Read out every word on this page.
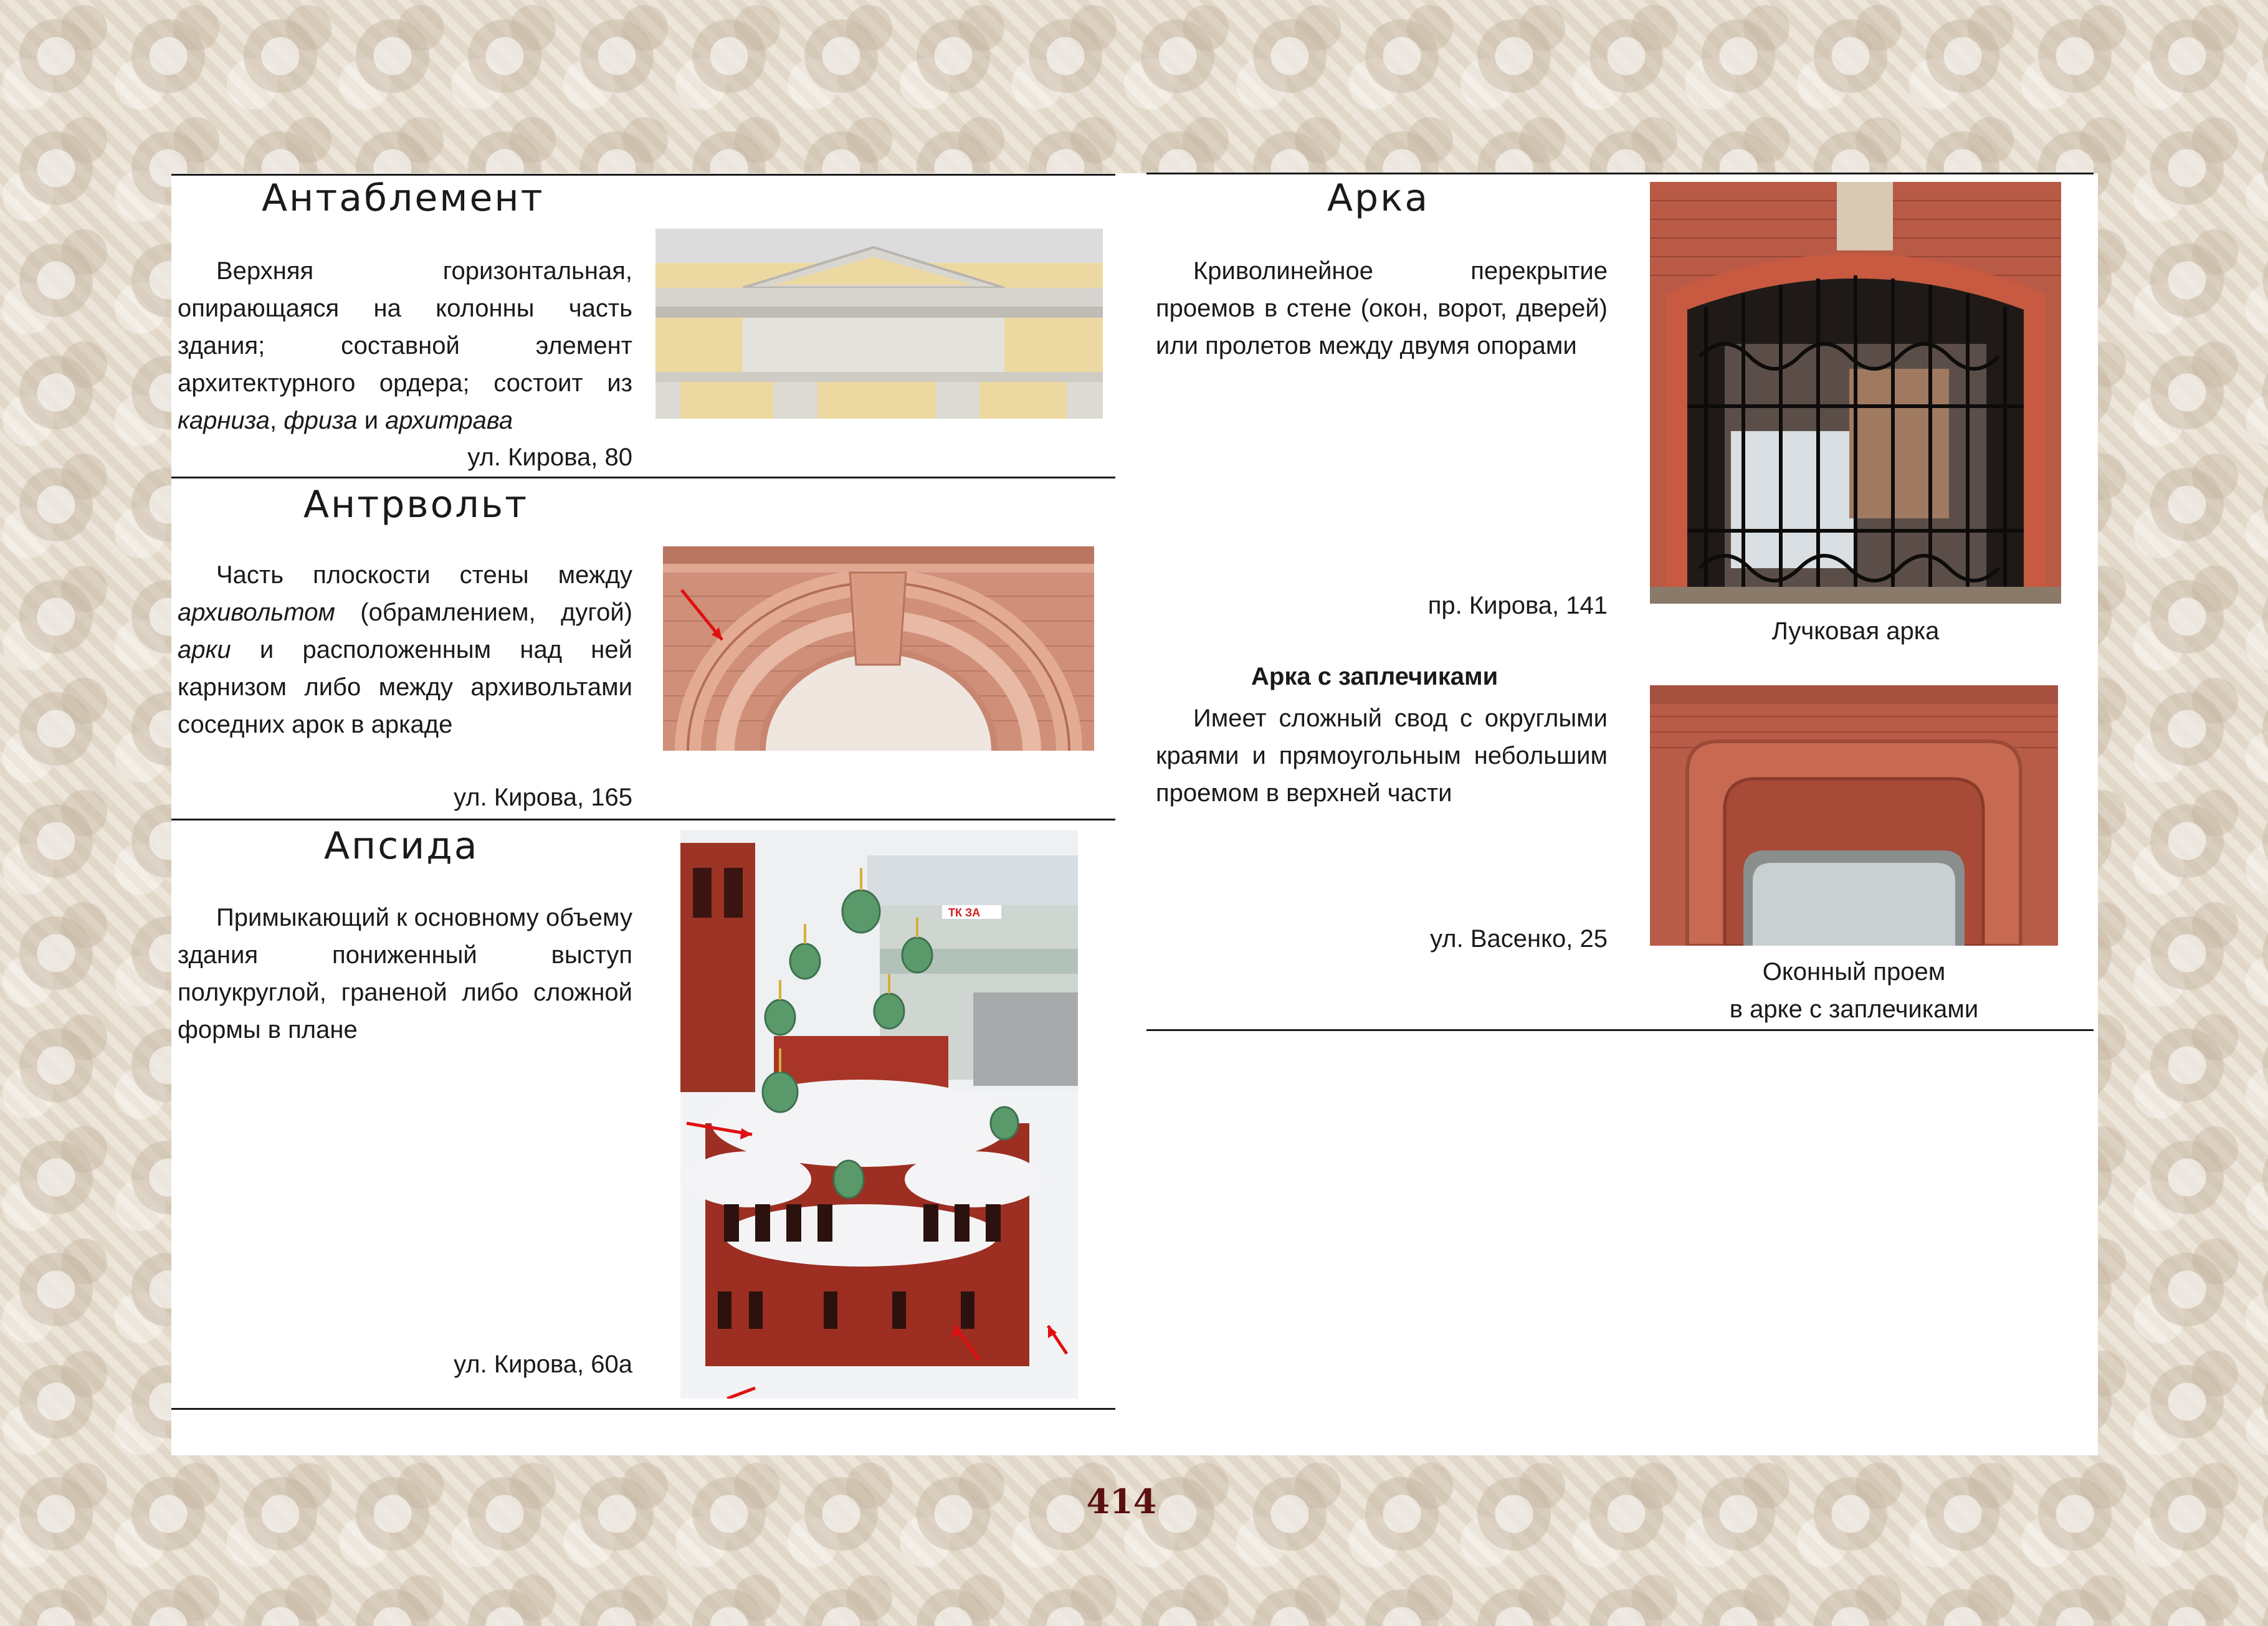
Антаблемент
Верхняя горизонтальная, опирающаяся на колонны часть здания; составной элемент архитектурного ордера; состоит из карниза, фриза и архитрава
ул. Кирова, 80
Антрвольт
Часть плоскости стены между архивольтом (обрамлением, дугой) арки и расположенным над ней карнизом либо между архивольтами соседних арок в аркаде
ул. Кирова, 165
Апсида
Примыкающий к основному объему здания пониженный выступ полукруглой, граненой либо сложной формы в плане
ул. Кирова, 60а
ТК ЗА
Арка
Криволинейное перекрытие проемов в стене (окон, ворот, дверей) или пролетов между двумя опорами
пр. Кирова, 141
Лучковая арка
Арка с заплечиками
Имеет сложный свод с округлыми краями и прямоугольным небольшим проемом в верхней части
ул. Васенко, 25
Оконный проем
в арке с заплечиками
414
